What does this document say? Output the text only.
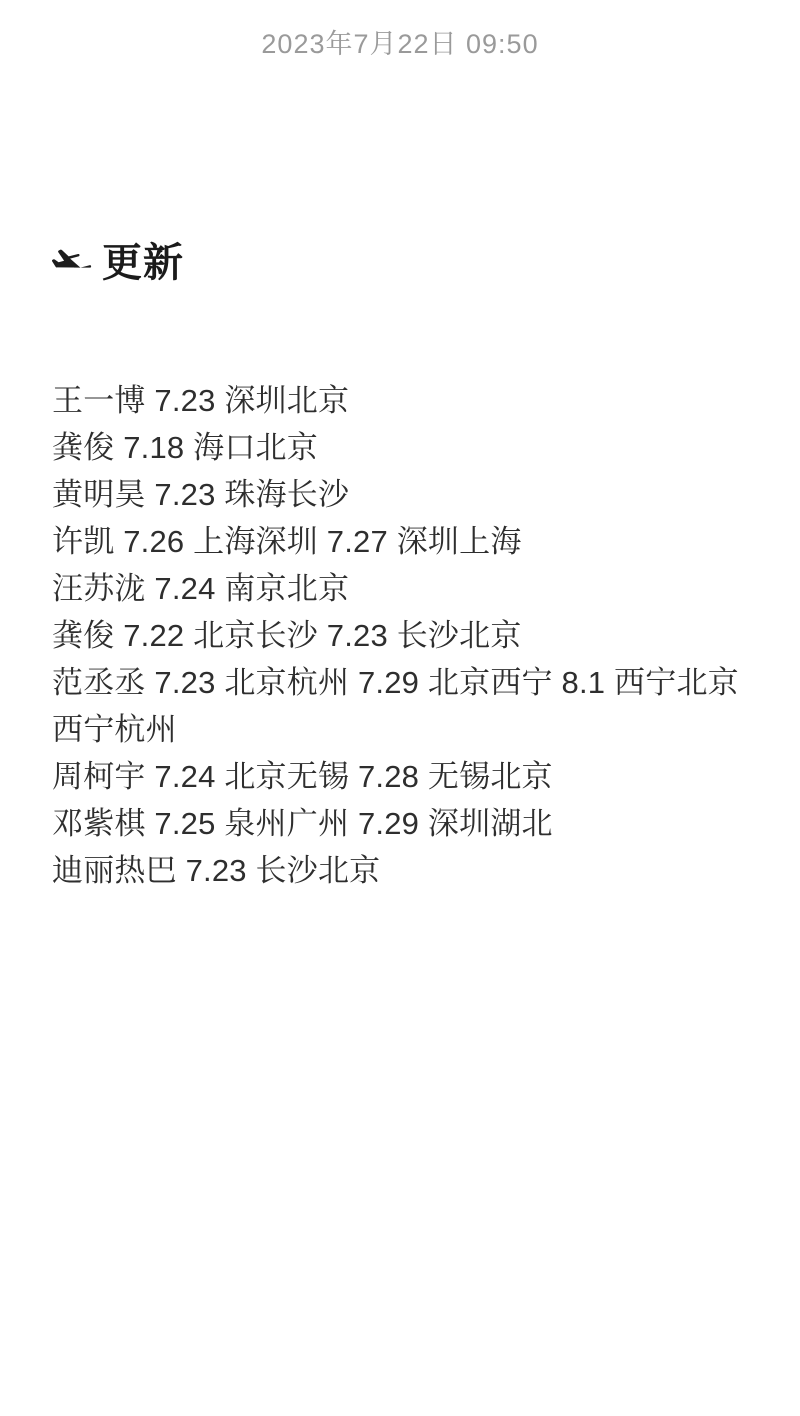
2023年7月22日 09:50
更新
王一博 7.23 深圳北京
龚俊 7.18 海口北京
黄明昊 7.23 珠海长沙
许凯 7.26 上海深圳 7.27 深圳上海
汪苏泷 7.24 南京北京
龚俊 7.22 北京长沙 7.23 长沙北京
范丞丞 7.23 北京杭州 7.29 北京西宁 8.1 西宁北京西宁杭州
周柯宇 7.24 北京无锡 7.28 无锡北京
邓紫棋 7.25 泉州广州 7.29 深圳湖北
迪丽热巴 7.23 长沙北京
